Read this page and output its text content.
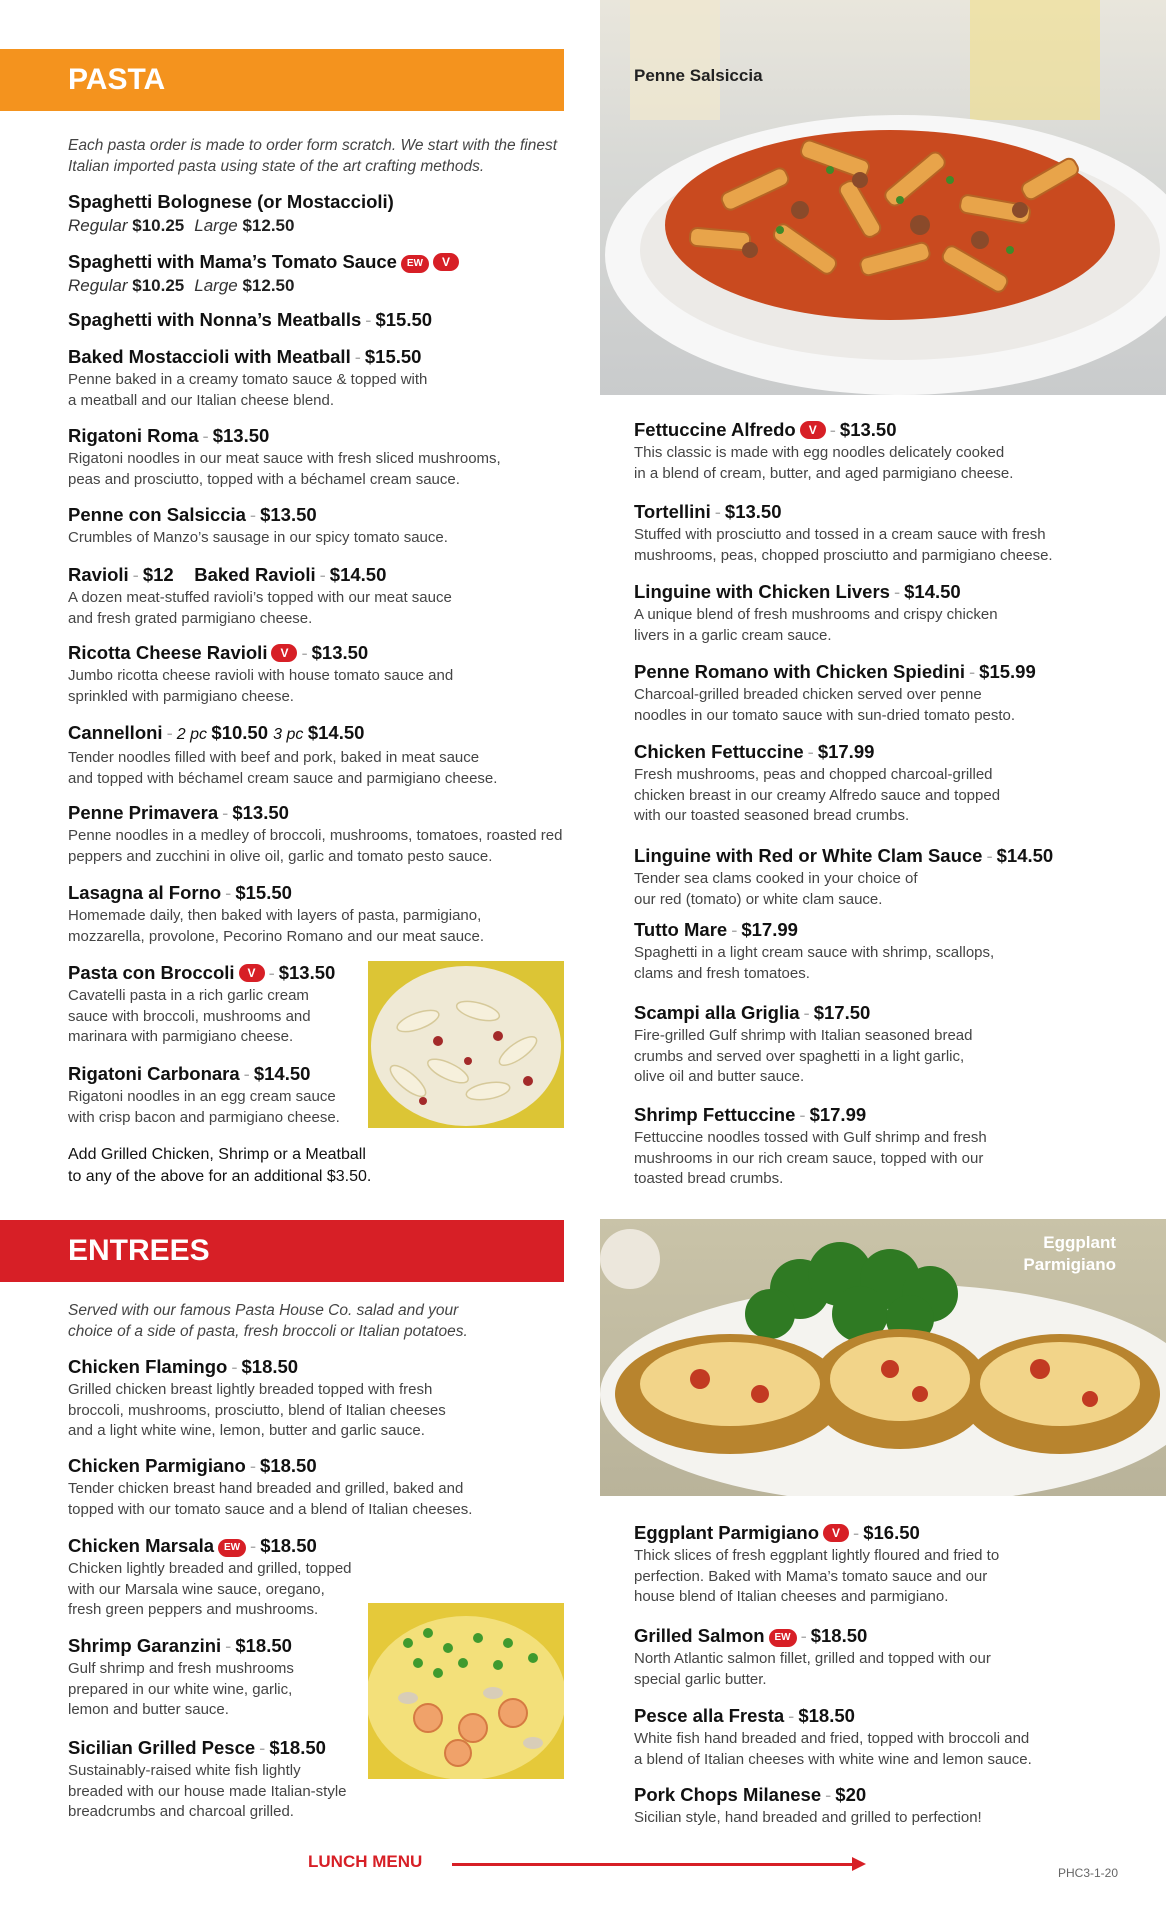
PASTA
Each pasta order is made to order form scratch. We start with the finest Italian imported pasta using state of the art crafting methods.
Spaghetti Bolognese (or Mostaccioli)
Regular $10.25 Large $12.50
Spaghetti with Mama’s Tomato Sauce EW V
Regular $10.25 Large $12.50
Spaghetti with Nonna’s Meatballs - $15.50
Baked Mostaccioli with Meatball - $15.50
Penne baked in a creamy tomato sauce & topped with
a meatball and our Italian cheese blend.
Rigatoni Roma - $13.50
Rigatoni noodles in our meat sauce with fresh sliced mushrooms,
peas and prosciutto, topped with a béchamel cream sauce.
Penne con Salsiccia - $13.50
Crumbles of Manzo’s sausage in our spicy tomato sauce.
Ravioli - $12 Baked Ravioli - $14.50
A dozen meat-stuffed ravioli’s topped with our meat sauce
and fresh grated parmigiano cheese.
Ricotta Cheese Ravioli V - $13.50
Jumbo ricotta cheese ravioli with house tomato sauce and
sprinkled with parmigiano cheese.
Cannelloni - 2 pc $10.50 3 pc $14.50
Tender noodles filled with beef and pork, baked in meat sauce
and topped with béchamel cream sauce and parmigiano cheese.
Penne Primavera - $13.50
Penne noodles in a medley of broccoli, mushrooms, tomatoes, roasted red
peppers and zucchini in olive oil, garlic and tomato pesto sauce.
Lasagna al Forno - $15.50
Homemade daily, then baked with layers of pasta, parmigiano,
mozzarella, provolone, Pecorino Romano and our meat sauce.
Pasta con Broccoli V - $13.50
Cavatelli pasta in a rich garlic cream
sauce with broccoli, mushrooms and
marinara with parmigiano cheese.
Rigatoni Carbonara - $14.50
Rigatoni noodles in an egg cream sauce
with crisp bacon and parmigiano cheese.
Penne Salsiccia
Fettuccine Alfredo V - $13.50
This classic is made with egg noodles delicately cooked
in a blend of cream, butter, and aged parmigiano cheese.
Tortellini - $13.50
Stuffed with prosciutto and tossed in a cream sauce with fresh
mushrooms, peas, chopped prosciutto and parmigiano cheese.
Linguine with Chicken Livers - $14.50
A unique blend of fresh mushrooms and crispy chicken
livers in a garlic cream sauce.
Penne Romano with Chicken Spiedini - $15.99
Charcoal-grilled breaded chicken served over penne
noodles in our tomato sauce with sun-dried tomato pesto.
Chicken Fettuccine - $17.99
Fresh mushrooms, peas and chopped charcoal-grilled
chicken breast in our creamy Alfredo sauce and topped
with our toasted seasoned bread crumbs.
Linguine with Red or White Clam Sauce - $14.50
Tender sea clams cooked in your choice of
our red (tomato) or white clam sauce.
Tutto Mare - $17.99
Spaghetti in a light cream sauce with shrimp, scallops,
clams and fresh tomatoes.
Scampi alla Griglia - $17.50
Fire-grilled Gulf shrimp with Italian seasoned bread
crumbs and served over spaghetti in a light garlic,
olive oil and butter sauce.
Shrimp Fettuccine - $17.99
Fettuccine noodles tossed with Gulf shrimp and fresh
mushrooms in our rich cream sauce, topped with our
toasted bread crumbs.
Add Grilled Chicken, Shrimp or a Meatball
to any of the above for an additional $3.50.
ENTREES
Served with our famous Pasta House Co. salad and your
choice of a side of pasta, fresh broccoli or Italian potatoes.
Chicken Flamingo - $18.50
Grilled chicken breast lightly breaded topped with fresh
broccoli, mushrooms, prosciutto, blend of Italian cheeses
and a light white wine, lemon, butter and garlic sauce.
Chicken Parmigiano - $18.50
Tender chicken breast hand breaded and grilled, baked and
topped with our tomato sauce and a blend of Italian cheeses.
Chicken Marsala EW - $18.50
Chicken lightly breaded and grilled, topped
with our Marsala wine sauce, oregano,
fresh green peppers and mushrooms.
Shrimp Garanzini - $18.50
Gulf shrimp and fresh mushrooms
prepared in our white wine, garlic,
lemon and butter sauce.
Sicilian Grilled Pesce - $18.50
Sustainably-raised white fish lightly
breaded with our house made Italian-style
breadcrumbs and charcoal grilled.
Eggplant
Parmigiano
Eggplant Parmigiano V - $16.50
Thick slices of fresh eggplant lightly floured and fried to
perfection. Baked with Mama’s tomato sauce and our
house blend of Italian cheeses and parmigiano.
Grilled Salmon EW - $18.50
North Atlantic salmon fillet, grilled and topped with our
special garlic butter.
Pesce alla Fresta - $18.50
White fish hand breaded and fried, topped with broccoli and
a blend of Italian cheeses with white wine and lemon sauce.
Pork Chops Milanese - $20
Sicilian style, hand breaded and grilled to perfection!
LUNCH MENU
PHC3-1-20
